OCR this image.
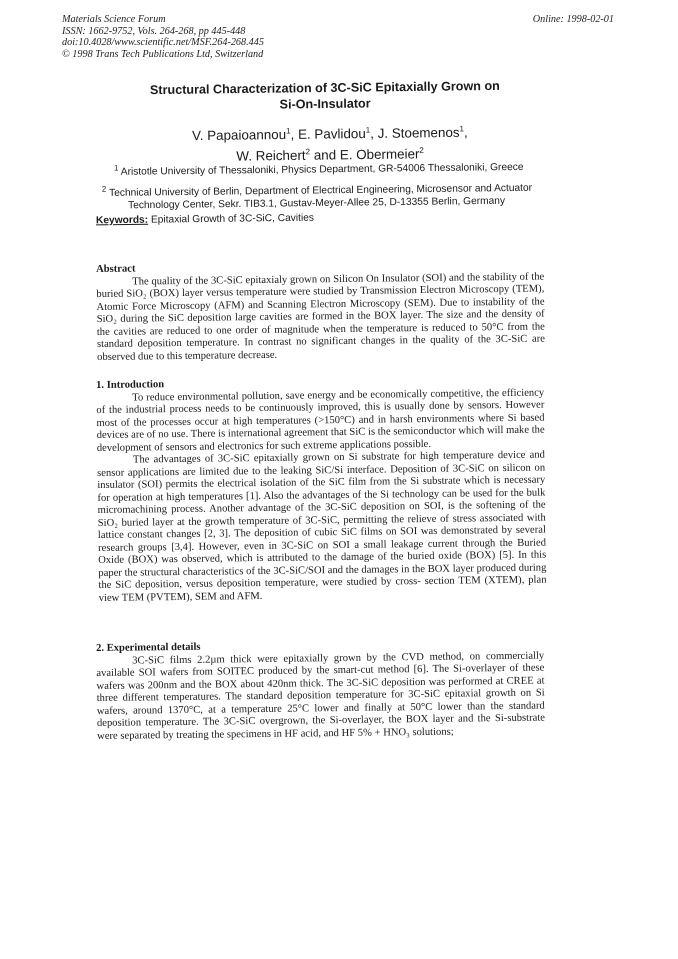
Materials Science Forum
ISSN: 1662-9752, Vols. 264-268, pp 445-448
doi:10.4028/www.scientific.net/MSF.264-268.445
© 1998 Trans Tech Publications Ltd, Switzerland
Online: 1998-02-01
Structural Characterization of 3C-SiC Epitaxially Grown on
Si-On-Insulator
V. Papaioannou$^1$, E. Pavlidou$^1$, J. Stoemenos$^1$,
W. Reichert$^2$ and E. Obermeier$^2$
$^1$ Aristotle University of Thessaloniki, Physics Department, GR-54006 Thessaloniki, Greece
$^2$ Technical University of Berlin, Department of Electrical Engineering, Microsensor and Actuator
Technology Center, Sekr. TIB3.1, Gustav-Meyer-Allee 25, D-13355 Berlin, Germany
Keywords: Epitaxial Growth of 3C-SiC, Cavities
Abstract

The quality of the 3C-SiC epitaxialy grown on Silicon On Insulator (SOI) and the stability of the buried SiO₂ (BOX) layer versus temperature were studied by Transmission Electron Microscopy (TEM), Atomic Force Microscopy (AFM) and Scanning Electron Microscopy (SEM). Due to instability of the SiO₂ during the SiC deposition large cavities are formed in the BOX layer. The size and the density of the cavities are reduced to one order of magnitude when the temperature is reduced to 50°C from the standard deposition temperature. In contrast no significant changes in the quality of the 3C-SiC are observed due to this temperature decrease.

1. Introduction

To reduce environmental pollution, save energy and be economically competitive, the efficiency of the industrial process needs to be continuously improved, this is usually done by sensors. However most of the processes occur at high temperatures (>150°C) and in harsh environments where Si based devices are of no use. There is international agreement that SiC is the semiconductor which will make the development of sensors and electronics for such extreme applications possible.

The advantages of 3C-SiC epitaxially grown on Si substrate for high temperature device and sensor applications are limited due to the leaking SiC/Si interface. Deposition of 3C-SiC on silicon on insulator (SOI) permits the electrical isolation of the SiC film from the Si substrate which is necessary for operation at high temperatures [1]. Also the advantages of the Si technology can be used for the bulk micromachining process. Another advantage of the 3C-SiC deposition on SOI, is the softening of the SiO₂ buried layer at the growth temperature of 3C-SiC, permitting the relieve of stress associated with lattice constant changes [2, 3]. The deposition of cubic SiC films on SOI was demonstrated by several research groups [3,4]. However, even in 3C-SiC on SOI a small leakage current through the Buried Oxide (BOX) was observed, which is attributed to the damage of the buried oxide (BOX) [5]. In this paper the structural characteristics of the 3C-SiC/SOI and the damages in the BOX layer produced during the SiC deposition, versus deposition temperature, were studied by cross- section TEM (XTEM), plan view TEM (PVTEM), SEM and AFM.

2. Experimental details

3C-SiC films 2.2µm thick were epitaxially grown by the CVD method, on commercially available SOI wafers from SOITEC produced by the smart-cut method [6]. The Si-overlayer of these wafers was 200nm and the BOX about 420nm thick. The 3C-SiC deposition was performed at CREE at three different temperatures. The standard deposition temperature for 3C-SiC epitaxial growth on Si wafers, around 1370°C, at a temperature 25°C lower and finally at 50°C lower than the standard deposition temperature. The 3C-SiC overgrown, the Si-overlayer, the BOX layer and the Si-substrate were separated by treating the specimens in HF acid, and HF 5% + HNO₃ solutions;
